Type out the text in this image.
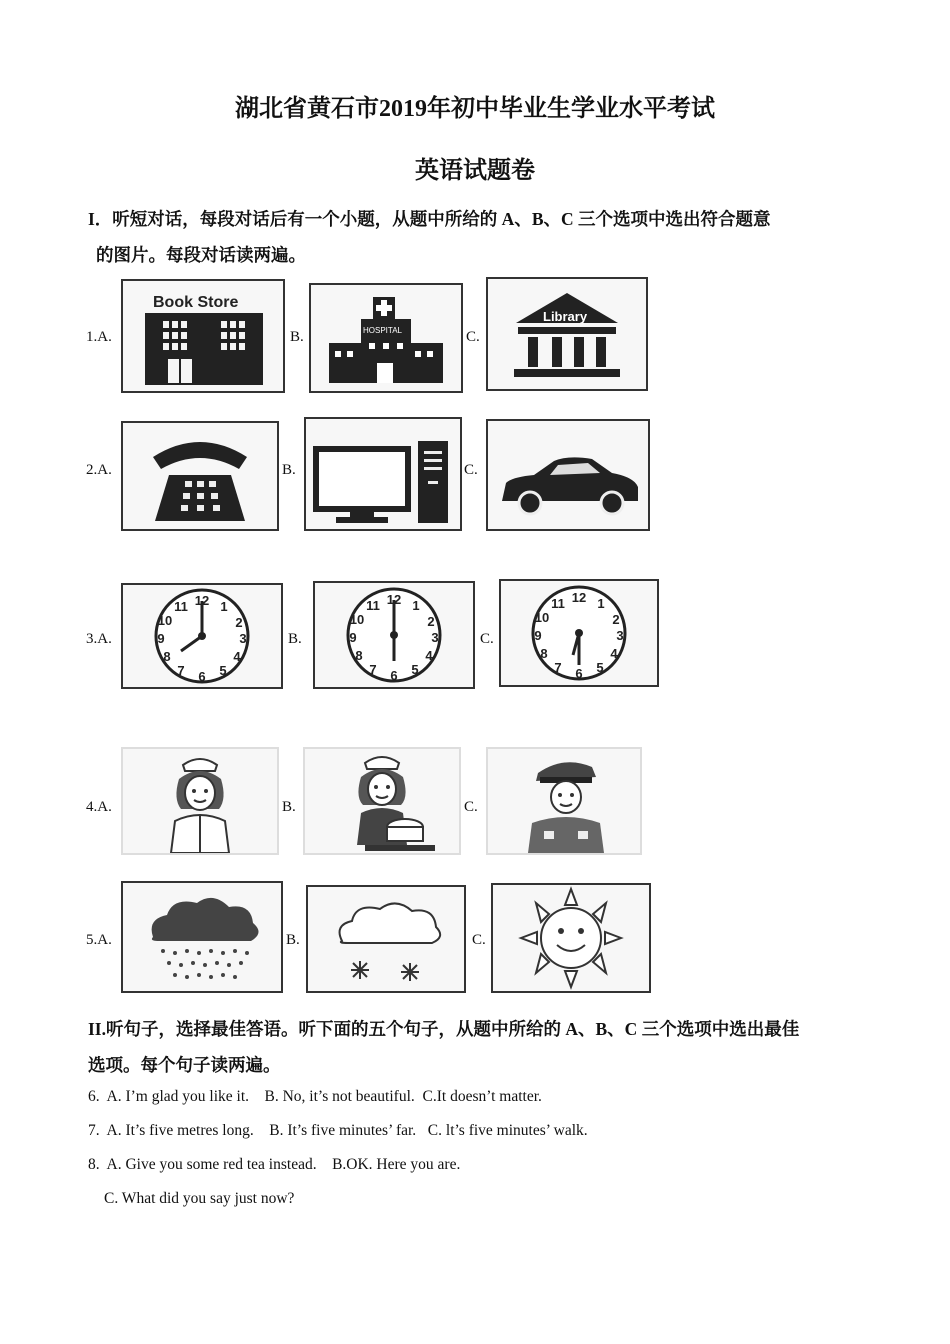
湖北省黄石市2019年初中毕业生学业水平考试
英语试题卷
I．听短对话，每段对话后有一个小题，从题中所给的 A、B、C 三个选项中选出符合题意
的图片。每段对话读两遍。
1.A.
Book Store
B.	HOSPITAL	C.
Library
2.A.	B.	C.
3.A.
12 1
2
3
4
5
6
7
8
9
10
11
B.
12 1
2
3
4
5
6
7
8
9
10
11
C.
12 1
2
3
4
5
6
7
8
9
10
11
4.A.	B.	C.
5.A.	B.	C.
II.听句子，选择最佳答语。听下面的五个句子，从题中所给的 A、B、C 三个选项中选出最佳
选项。每个句子读两遍。
6.  A. I’m glad you like it.    B. No, it’s not beautiful.  C.It doesn’t matter.
7.  A. It’s five metres long.    B. It’s five minutes’ far.   C. lt’s five minutes’ walk.
8.  A. Give you some red tea instead.    B.OK. Here you are.
C. What did you say just now?
